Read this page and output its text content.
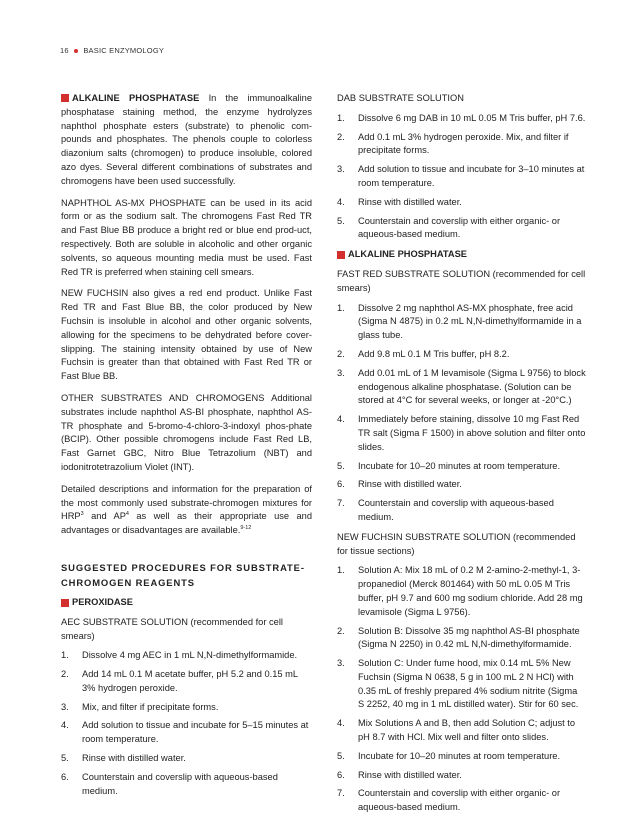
16 BASIC ENZYMOLOGY

ALKALINE PHOSPHATASE In the immunoalkaline phosphatase staining method, the enzyme hydrolyzes naphthol phosphate esters (substrate) to phenolic com-pounds and phosphates. The phenols couple to colorless diazonium salts (chromogen) to produce insoluble, colored azo dyes. Several different combinations of substrates and chromogens have been used successfully.

NAPHTHOL AS-MX PHOSPHATE can be used in its acid form or as the sodium salt. The chromogens Fast Red TR and Fast Blue BB produce a bright red or blue end prod-uct, respectively. Both are soluble in alcoholic and other organic solvents, so aqueous mounting media must be used. Fast Red TR is preferred when staining cell smears.

NEW FUCHSIN also gives a red end product. Unlike Fast Red TR and Fast Blue BB, the color produced by New Fuchsin is insoluble in alcohol and other organic solvents, allowing for the specimens to be dehydrated before cover-slipping. The staining intensity obtained by use of New Fuchsin is greater than that obtained with Fast Red TR or Fast Blue BB.

OTHER SUBSTRATES AND CHROMOGENS Additional substrates include naphthol AS-BI phosphate, naphthol AS-TR phosphate and 5-bromo-4-chloro-3-indoxyl phos-phate (BCIP). Other possible chromogens include Fast Red LB, Fast Garnet GBC, Nitro Blue Tetrazolium (NBT) and iodonitrotetrazolium Violet (INT).

Detailed descriptions and information for the preparation of the most commonly used substrate-chromogen mixtures for HRP$^3$ and $AP^4$ as well as their appropriate use and advantages or disadvantages are available.$^{9-12}$

SUGGESTED PROCEDURES FOR SUBSTRATE-
CHROMOGEN REAGENTS
PEROXIDASE
AEC SUBSTRATE SOLUTION (recommended for cell smears)
1.	Dissolve 4 mg AEC in 1 mL N,N-dimethylformamide.
2.	Add 14 mL 0.1 M acetate buffer, pH 5.2 and 0.15 mL 3% hydrogen peroxide.
3.	Mix, and filter if precipitate forms.
4.	Add solution to tissue and incubate for 5–15 minutes at room temperature.
5.	Rinse with distilled water.
6.	Counterstain and coverslip with aqueous-based medium.
DAB SUBSTRATE SOLUTION
1.	Dissolve 6 mg DAB in 10 mL 0.05 M Tris buffer, pH 7.6.
2.	Add 0.1 mL 3% hydrogen peroxide. Mix, and filter if precipitate forms.
3.	Add solution to tissue and incubate for 3–10 minutes at room temperature.
4.	Rinse with distilled water.
5.	Counterstain and coverslip with either organic- or aqueous-based medium.
ALKALINE PHOSPHATASE
FAST RED SUBSTRATE SOLUTION (recommended for cell smears)
1.	Dissolve 2 mg naphthol AS-MX phosphate, free acid (Sigma N 4875) in 0.2 mL N,N-dimethylformamide in a glass tube.
2.	Add 9.8 mL 0.1 M Tris buffer, pH 8.2.
3.	Add 0.01 mL of 1 M levamisole (Sigma L 9756) to block endogenous alkaline phosphatase. (Solution can be stored at 4°C for several weeks, or longer at -20°C.)
4.	Immediately before staining, dissolve 10 mg Fast Red TR salt (Sigma F 1500) in above solution and filter onto slides.
5.	Incubate for 10–20 minutes at room temperature.
6.	Rinse with distilled water.
7.	Counterstain and coverslip with aqueous-based medium.
NEW FUCHSIN SUBSTRATE SOLUTION (recommended for tissue sections)
1.	Solution A: Mix 18 mL of 0.2 M 2-amino-2-methyl-1, 3-propanediol (Merck 801464) with 50 mL 0.05 M Tris buffer, pH 9.7 and 600 mg sodium chloride. Add 28 mg levamisole (Sigma L 9756).
2.	Solution B: Dissolve 35 mg naphthol AS-BI phosphate (Sigma N 2250) in 0.42 mL N,N-dimethylformamide.
3.	Solution C: Under fume hood, mix 0.14 mL 5% New Fuchsin (Sigma N 0638, 5 g in 100 mL 2 N HCl) with 0.35 mL of freshly prepared 4% sodium nitrite (Sigma S 2252, 40 mg in 1 mL distilled water). Stir for 60 sec.
4.	Mix Solutions A and B, then add Solution C; adjust to pH 8.7 with HCl. Mix well and filter onto slides.
5.	Incubate for 10–20 minutes at room temperature.
6.	Rinse with distilled water.
7.	Counterstain and coverslip with either organic- or aqueous-based medium.
